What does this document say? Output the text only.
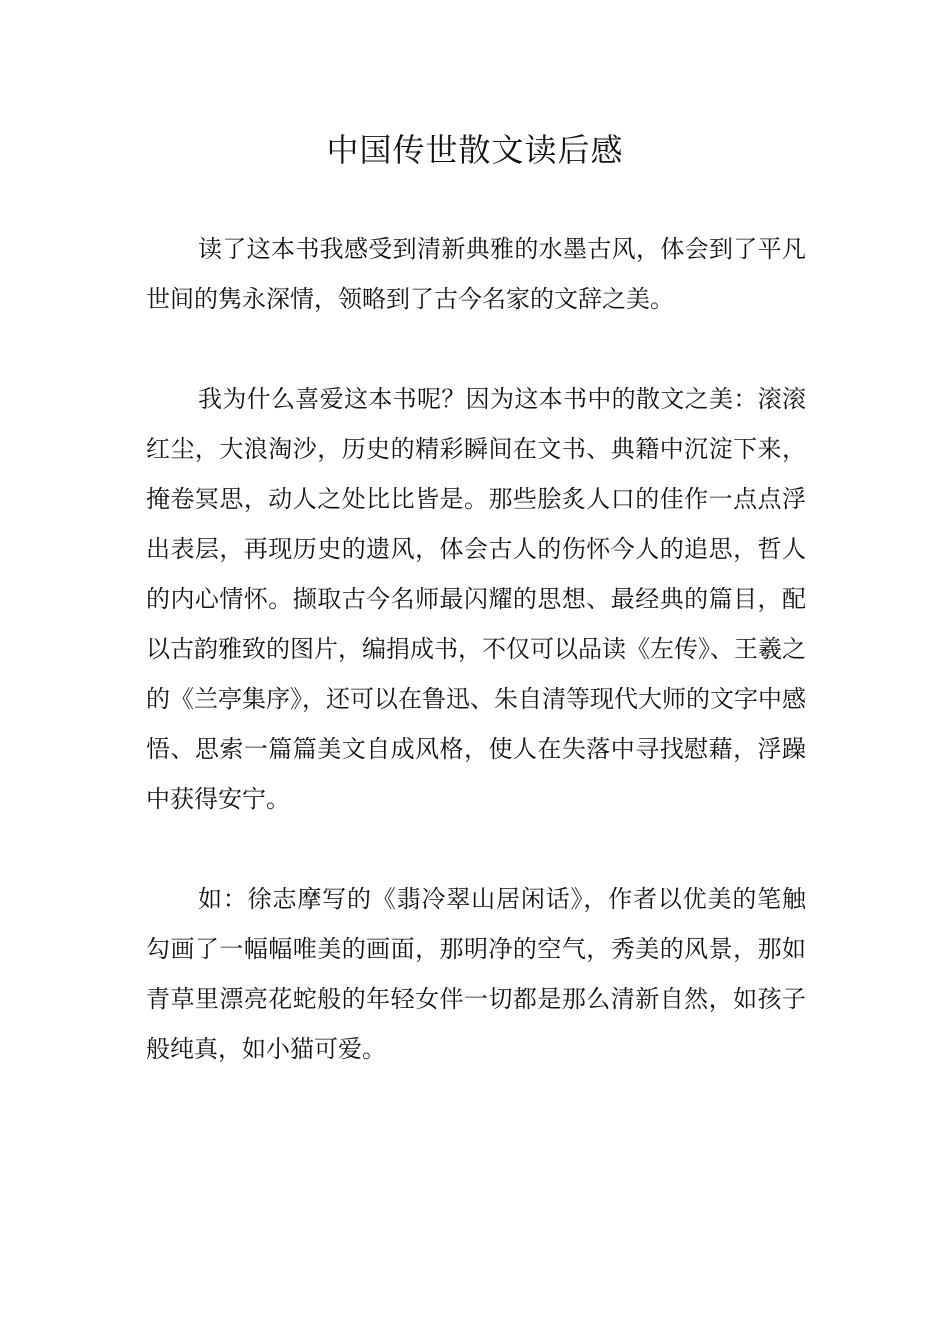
中国传世散文读后感

读了这本书我感受到清新典雅的水墨古风，体会到了平凡世间的隽永深情，领略到了古今名家的文辞之美。

我为什么喜爱这本书呢？因为这本书中的散文之美：滚滚红尘，大浪淘沙，历史的精彩瞬间在文书、典籍中沉淀下来，掩卷冥思，动人之处比比皆是。那些脍炙人口的佳作一点点浮出表层，再现历史的遗风，体会古人的伤怀今人的追思，哲人的内心情怀。撷取古今名师最闪耀的思想、最经典的篇目，配以古韵雅致的图片，编捐成书，不仅可以品读《左传》、王羲之的《兰亭集序》，还可以在鲁迅、朱自清等现代大师的文字中感悟、思索一篇篇美文自成风格，使人在失落中寻找慰藉，浮躁中获得安宁。

如：徐志摩写的《翡冷翠山居闲话》，作者以优美的笔触勾画了一幅幅唯美的画面，那明净的空气，秀美的风景，那如青草里漂亮花蛇般的年轻女伴一切都是那么清新自然，如孩子般纯真，如小猫可爱。
